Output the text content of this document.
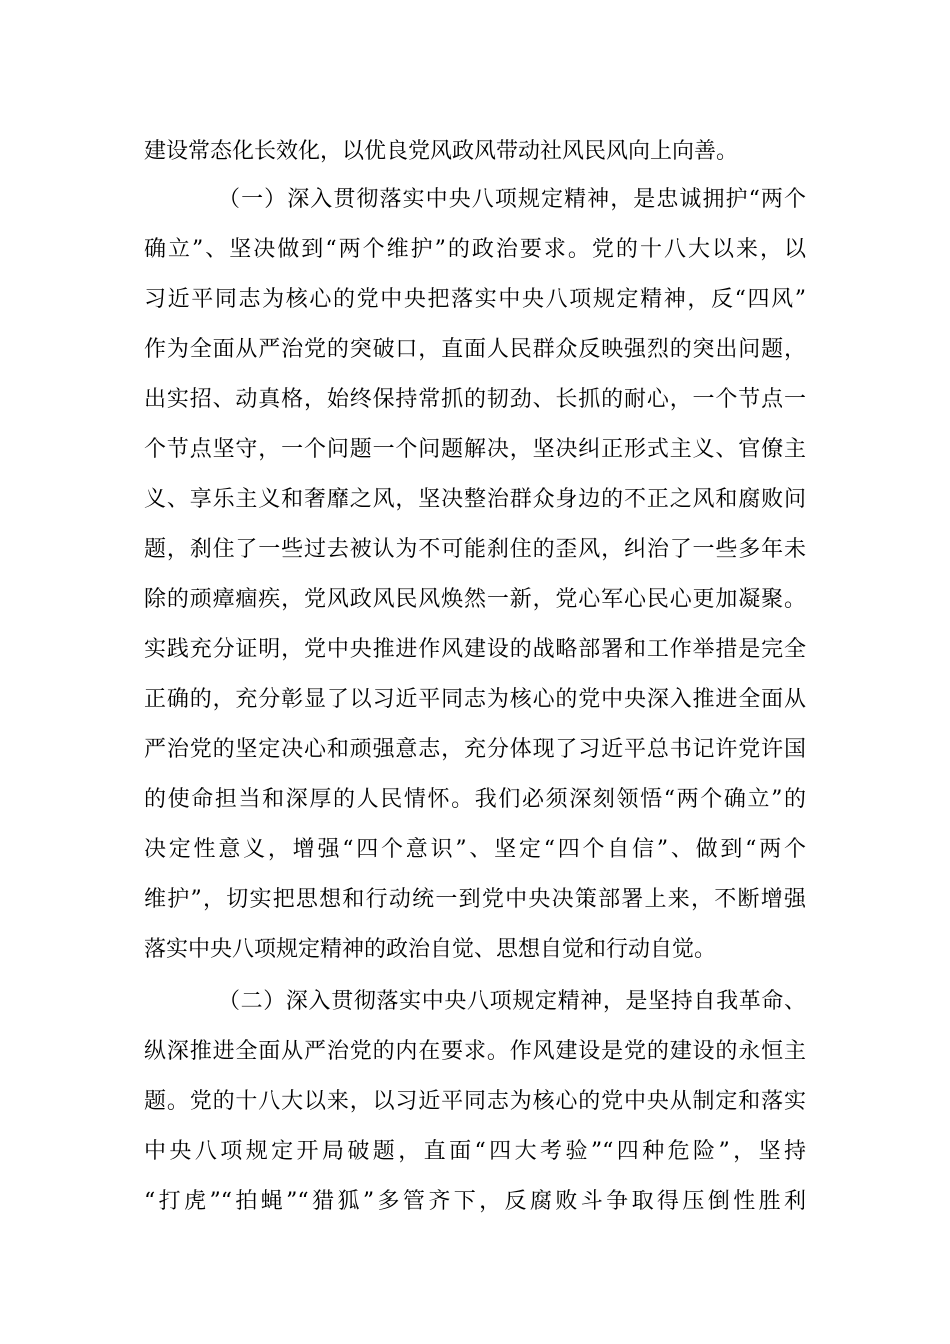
建设常态化长效化，以优良党风政风带动社风民风向上向善。
（一）深入贯彻落实中央八项规定精神，是忠诚拥护“两个
确立”、坚决做到“两个维护”的政治要求。党的十八大以来，以
习近平同志为核心的党中央把落实中央八项规定精神，反“四风”
作为全面从严治党的突破口，直面人民群众反映强烈的突出问题，
出实招、动真格，始终保持常抓的韧劲、长抓的耐心，一个节点一
个节点坚守，一个问题一个问题解决，坚决纠正形式主义、官僚主
义、享乐主义和奢靡之风，坚决整治群众身边的不正之风和腐败问
题，刹住了一些过去被认为不可能刹住的歪风，纠治了一些多年未
除的顽瘴痼疾，党风政风民风焕然一新，党心军心民心更加凝聚。
实践充分证明，党中央推进作风建设的战略部署和工作举措是完全
正确的，充分彰显了以习近平同志为核心的党中央深入推进全面从
严治党的坚定决心和顽强意志，充分体现了习近平总书记许党许国
的使命担当和深厚的人民情怀。我们必须深刻领悟“两个确立”的
决定性意义，增强“四个意识”、坚定“四个自信”、做到“两个
维护”，切实把思想和行动统一到党中央决策部署上来，不断增强
落实中央八项规定精神的政治自觉、思想自觉和行动自觉。
（二）深入贯彻落实中央八项规定精神，是坚持自我革命、
纵深推进全面从严治党的内在要求。作风建设是党的建设的永恒主
题。党的十八大以来，以习近平同志为核心的党中央从制定和落实
中央八项规定开局破题，直面“四大考验”“四种危险”，坚持
“打虎”“拍蝇”“猎狐”多管齐下，反腐败斗争取得压倒性胜利
